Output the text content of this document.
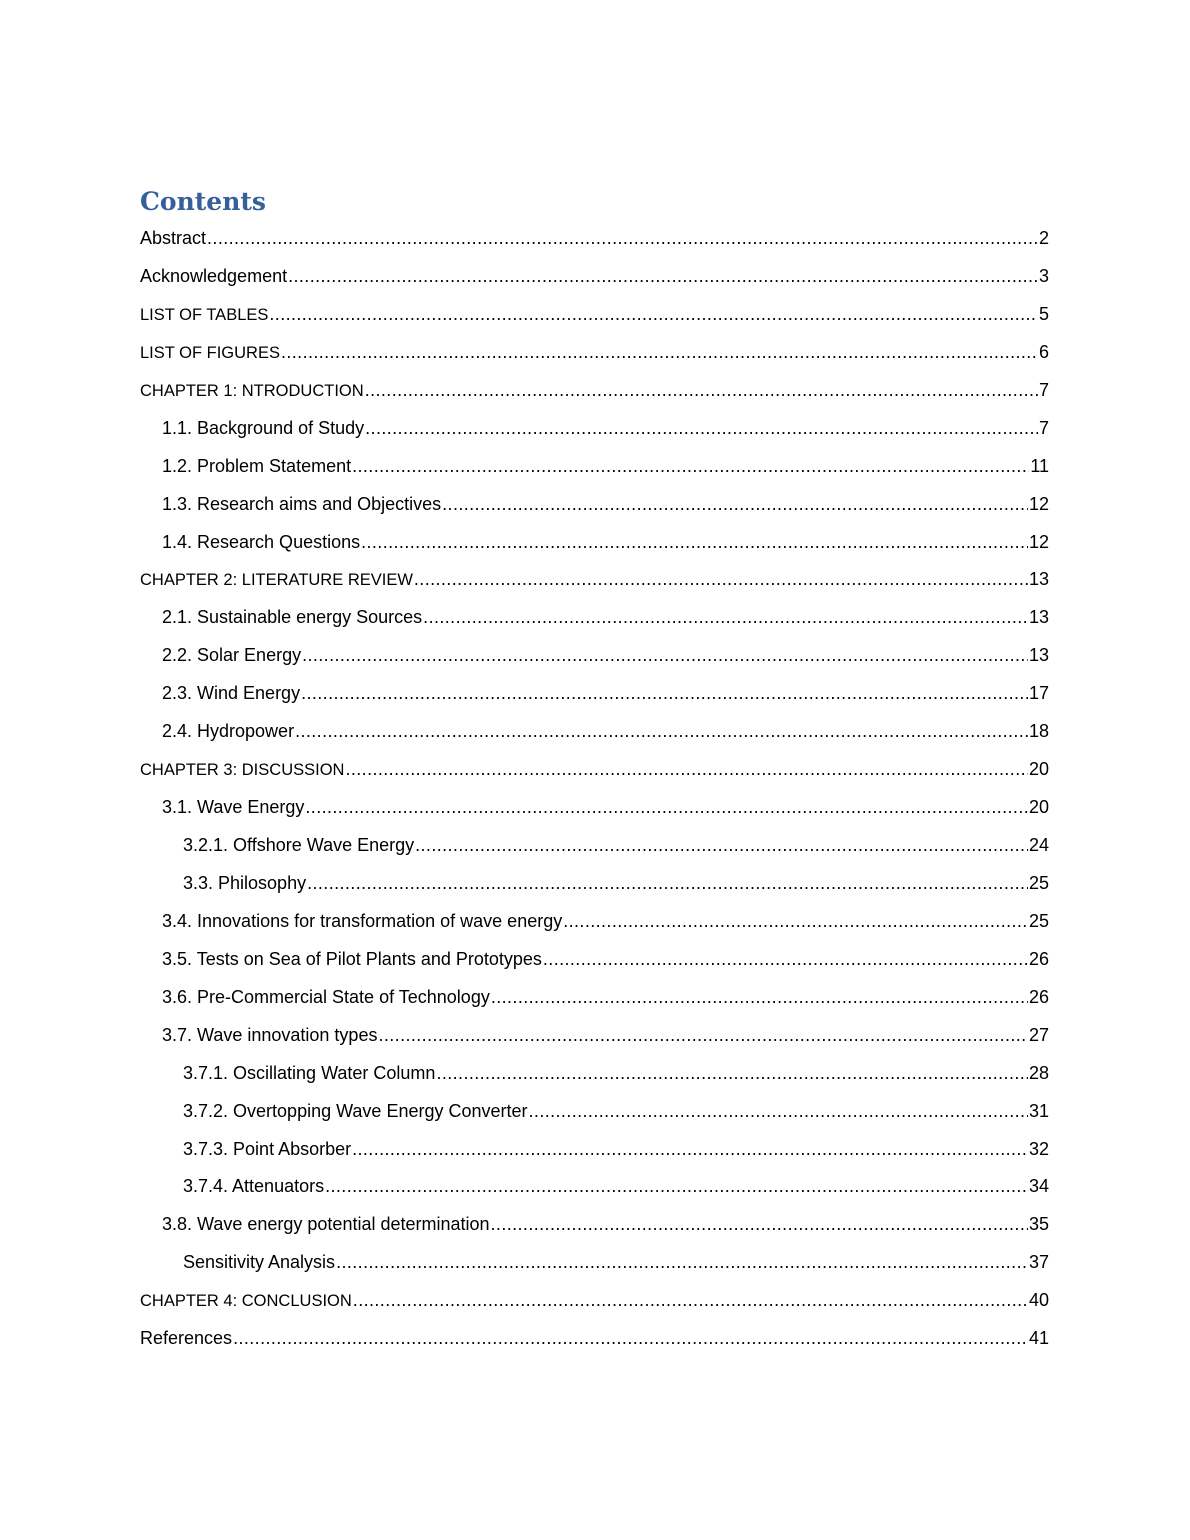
Contents
Abstract .....	2
Acknowledgement .....	3
LIST OF TABLES .....	5
LIST OF FIGURES .....	6
CHAPTER 1: NTRODUCTION .....	7
1.1. Background of Study .....	7
1.2. Problem Statement .....	11
1.3. Research aims and Objectives .....	12
1.4. Research Questions .....	12
CHAPTER 2: LITERATURE REVIEW .....	13
2.1. Sustainable energy Sources .....	13
2.2. Solar Energy .....	13
2.3. Wind Energy .....	17
2.4. Hydropower .....	18
CHAPTER 3: DISCUSSION .....	20
3.1. Wave Energy .....	20
3.2.1. Offshore Wave Energy .....	24
3.3. Philosophy .....	25
3.4. Innovations for transformation of wave energy .....	25
3.5. Tests on Sea of Pilot Plants and Prototypes .....	26
3.6. Pre-Commercial State of Technology .....	26
3.7. Wave innovation types .....	27
3.7.1. Oscillating Water Column .....	28
3.7.2. Overtopping Wave Energy Converter .....	31
3.7.3. Point Absorber .....	32
3.7.4. Attenuators .....	34
3.8. Wave energy potential determination .....	35
Sensitivity Analysis .....	37
CHAPTER 4: CONCLUSION .....	40
References .....	41
